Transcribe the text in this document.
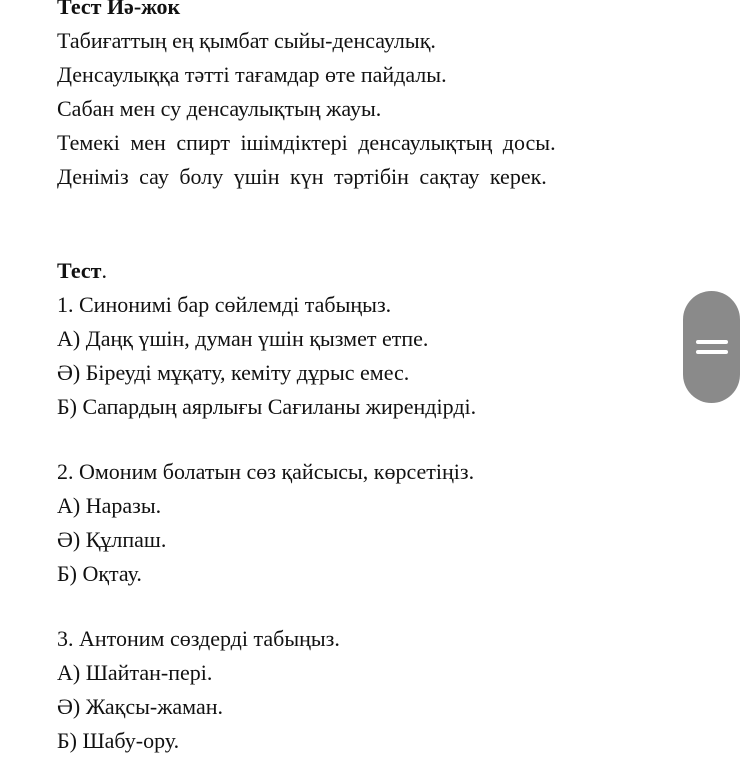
Тест Иә-жок
Табиғаттың ең қымбат сыйы-денсаулық.
Денсаулыққа тәтті тағамдар өте пайдалы.
Сабан мен су денсаулықтың жауы.
Темекі мен спирт ішімдіктері денсаулықтың досы.
Деніміз сау болу үшін күн тәртібін сақтау керек.
Тест.
1. Синонимі бар сөйлемді табыңыз.
А) Даңқ үшін, думан үшін қызмет етпе.
Ә) Біреуді мұқату, кеміту дұрыс емес.
Б) Сапардың аярлығы Сағиланы жирендірді.
2. Омоним болатын сөз қайсысы, көрсетіңіз.
А) Наразы.
Ә) Құлпаш.
Б) Оқтау.
3. Антоним сөздерді табыңыз.
А) Шайтан-пері.
Ә) Жақсы-жаман.
Б) Шабу-ору.
